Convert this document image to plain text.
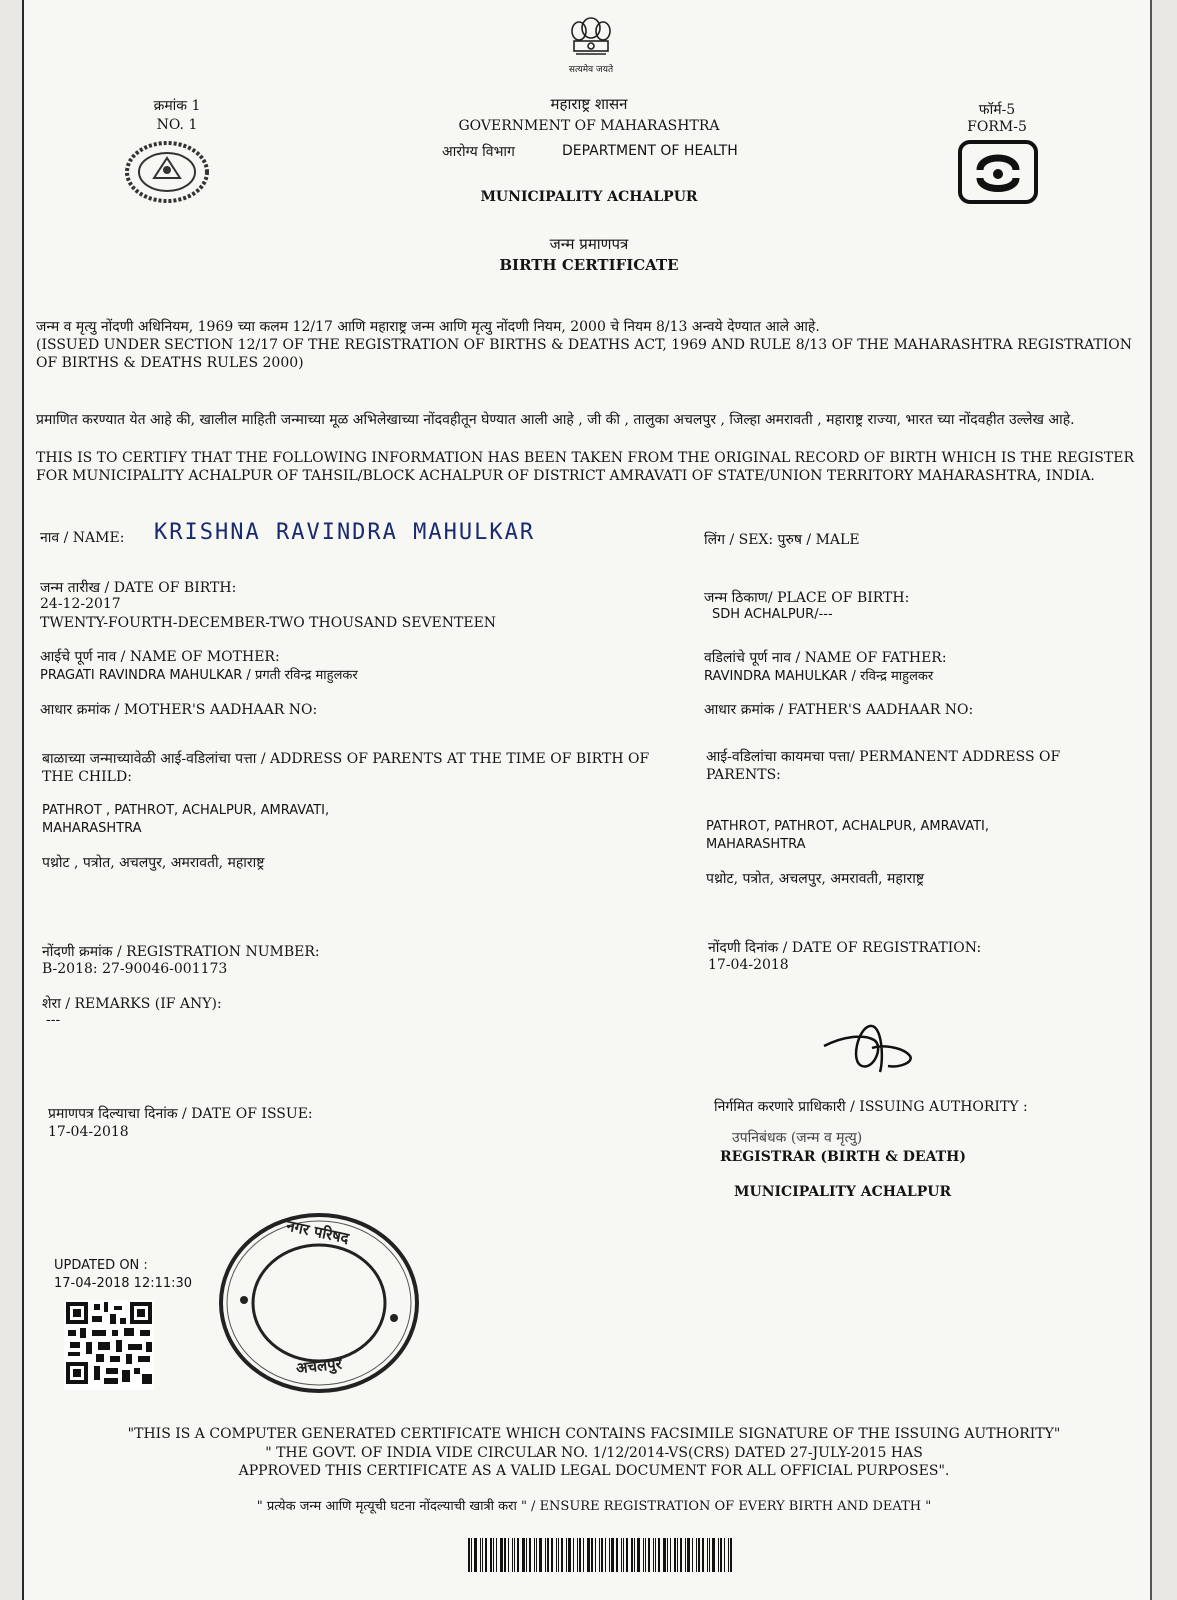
सत्यमेव जयते
क्रमांक 1
NO. 1
महाराष्ट्र शासन
GOVERNMENT OF MAHARASHTRA
आरोग्य विभाग	DEPARTMENT OF HEALTH
MUNICIPALITY ACHALPUR
जन्म प्रमाणपत्र
BIRTH CERTIFICATE
फॉर्म-5
FORM-5
जन्म व मृत्यु नोंदणी अधिनियम, 1969 च्या कलम 12/17 आणि महाराष्ट्र जन्म आणि मृत्यु नोंदणी नियम, 2000 चे नियम 8/13 अन्वये देण्यात आले आहे.
(ISSUED UNDER SECTION 12/17 OF THE REGISTRATION OF BIRTHS & DEATHS ACT, 1969 AND RULE 8/13 OF THE MAHARASHTRA REGISTRATION OF BIRTHS & DEATHS RULES 2000)
प्रमाणित करण्यात येत आहे की, खालील माहिती जन्माच्या मूळ अभिलेखाच्या नोंदवहीतून घेण्यात आली आहे , जी की , तालुका अचलपुर , जिल्हा अमरावती , महाराष्ट्र राज्या, भारत च्या नोंदवहीत उल्लेख आहे.
THIS IS TO CERTIFY THAT THE FOLLOWING INFORMATION HAS BEEN TAKEN FROM THE ORIGINAL RECORD OF BIRTH WHICH IS THE REGISTER FOR MUNICIPALITY ACHALPUR OF TAHSIL/BLOCK ACHALPUR OF DISTRICT AMRAVATI OF STATE/UNION TERRITORY MAHARASHTRA, INDIA.
नाव / NAME: KRISHNA RAVINDRA MAHULKAR	लिंग / SEX: पुरुष / MALE
जन्म तारीख / DATE OF BIRTH:
24-12-2017
TWENTY-FOURTH-DECEMBER-TWO THOUSAND SEVENTEEN
जन्म ठिकाण/ PLACE OF BIRTH:
SDH ACHALPUR/---
आईचे पूर्ण नाव / NAME OF MOTHER:
PRAGATI RAVINDRA MAHULKAR / प्रगती रविन्द्र माहुलकर
वडिलांचे पूर्ण नाव / NAME OF FATHER:
RAVINDRA MAHULKAR / रविन्द्र माहुलकर
आधार क्रमांक / MOTHER'S AADHAAR NO:	आधार क्रमांक / FATHER'S AADHAAR NO:
बाळाच्या जन्माच्यावेळी आई-वडिलांचा पत्ता / ADDRESS OF PARENTS AT THE TIME OF BIRTH OF THE CHILD:
PATHROT , PATHROT, ACHALPUR, AMRAVATI, MAHARASHTRA
पथ्रोट , पत्रोत, अचलपुर, अमरावती, महाराष्ट्र
आई-वडिलांचा कायमचा पत्ता/ PERMANENT ADDRESS OF PARENTS:
PATHROT, PATHROT, ACHALPUR, AMRAVATI, MAHARASHTRA
पथ्रोट, पत्रोत, अचलपुर, अमरावती, महाराष्ट्र
नोंदणी क्रमांक / REGISTRATION NUMBER:
B-2018: 27-90046-001173
नोंदणी दिनांक / DATE OF REGISTRATION:
17-04-2018
शेरा / REMARKS (IF ANY):
---
प्रमाणपत्र दिल्याचा दिनांक / DATE OF ISSUE:
17-04-2018
निर्गमित करणारे प्राधिकारी / ISSUING AUTHORITY :
उपनिबंधक (जन्म व मृत्यु)
REGISTRAR (BIRTH & DEATH)
MUNICIPALITY ACHALPUR
UPDATED ON :
17-04-2018 12:11:30
नगर परिषद
अचलपुर
"THIS IS A COMPUTER GENERATED CERTIFICATE WHICH CONTAINS FACSIMILE SIGNATURE OF THE ISSUING AUTHORITY"
" THE GOVT. OF INDIA VIDE CIRCULAR NO. 1/12/2014-VS(CRS) DATED 27-JULY-2015 HAS
APPROVED THIS CERTIFICATE AS A VALID LEGAL DOCUMENT FOR ALL OFFICIAL PURPOSES".
" प्रत्येक जन्म आणि मृत्यूची घटना नोंदल्याची खात्री करा " / ENSURE REGISTRATION OF EVERY BIRTH AND DEATH "
